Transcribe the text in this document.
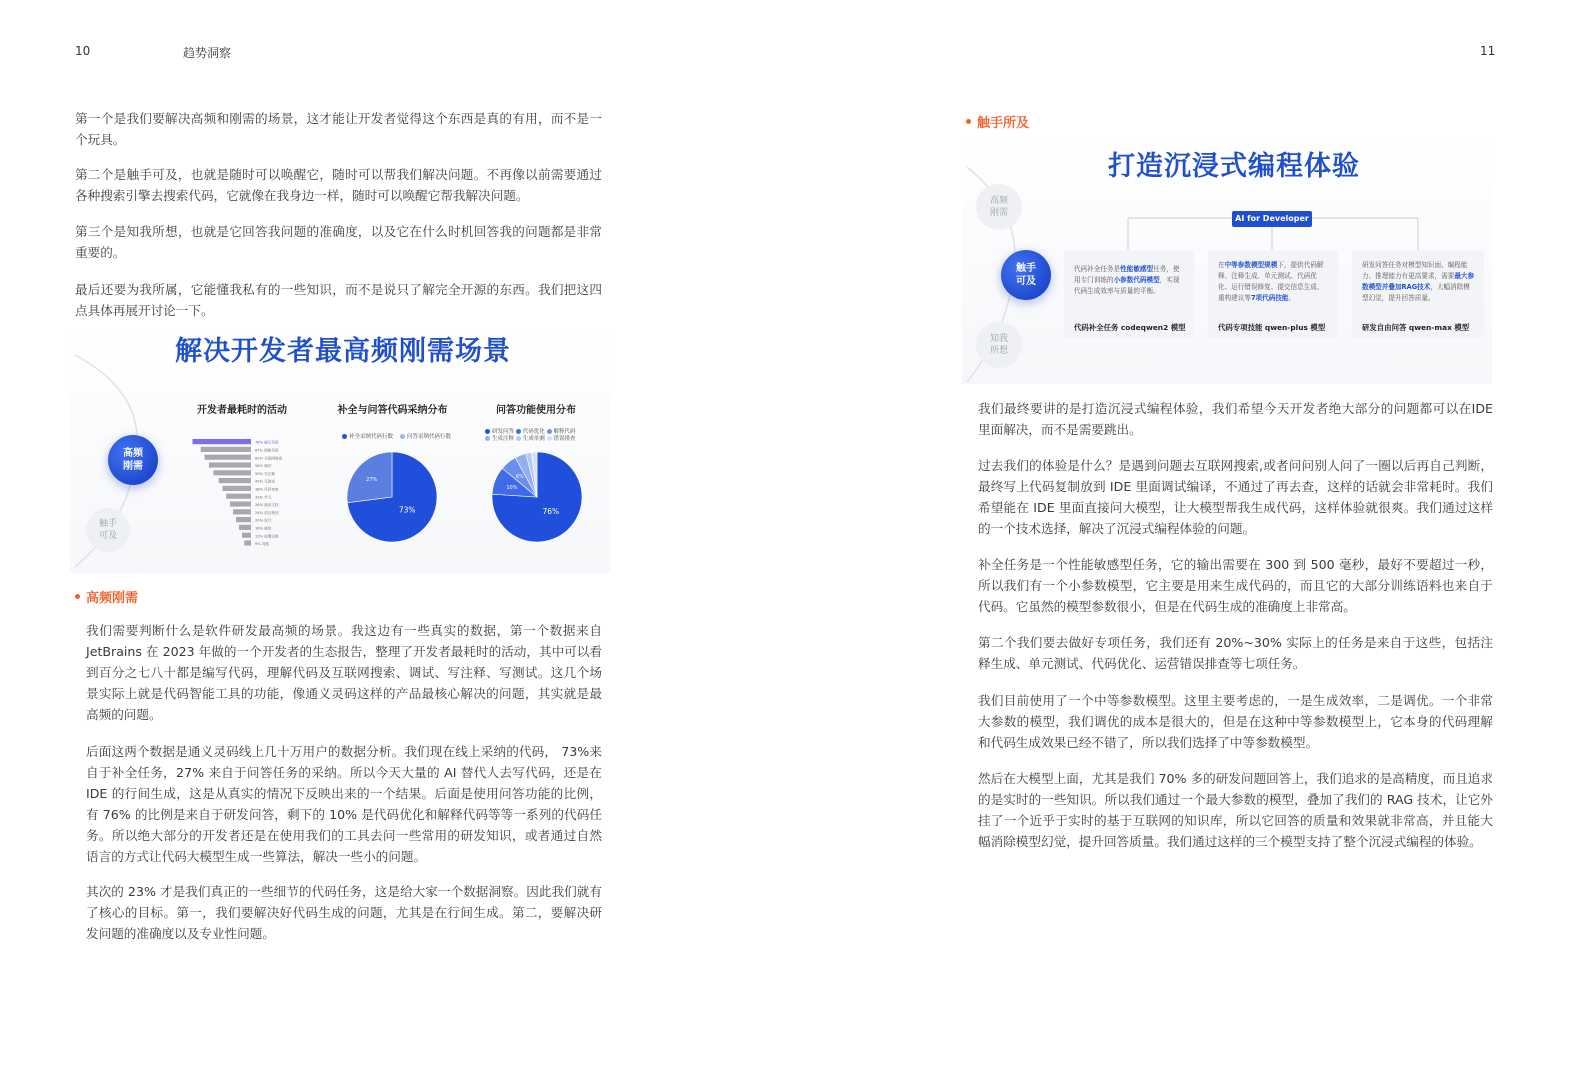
10	趋势洞察	11

第一个是我们要解决高频和刚需的场景，这才能让开发者觉得这个东西是真的有用，而不是一个玩具。

第二个是触手可及，也就是随时可以唤醒它，随时可以帮我们解决问题。不再像以前需要通过各种搜索引擎去搜索代码，它就像在我身边一样，随时可以唤醒它帮我解决问题。

第三个是知我所想，也就是它回答我问题的准确度，以及它在什么时机回答我的问题都是非常重要的。

最后还要为我所属，它能懂我私有的一些知识，而不是说只了解完全开源的东西。我们把这四点具体再展开讨论一下。

解决开发者最高频刚需场景
高频
刚需
触手
可及
开发者最耗时的活动	补全与问答代码采纳分布	问答功能使用分布
78% 编写代码
67% 理解代码
62% 互联网搜索
56% 调试
50% 写注释
43% 写测试
38% 代码审查
33% 学习
28% 阅读文档
24% 项目规划
20% 设计
16% 重构
12% 部署运维
9% 其他
补全采纳代码行数	问答采纳代码行数
73%
27%
研发问答 代码优化 解释代码
生成注释 生成单测 错误排查
76%
10%
6%
高频刚需

我们需要判断什么是软件研发最高频的场景。我这边有一些真实的数据，第一个数据来自JetBrains 在 2023 年做的一个开发者的生态报告，整理了开发者最耗时的活动，其中可以看到百分之七八十都是编写代码，理解代码及互联网搜索、调试、写注释、写测试。这几个场景实际上就是代码智能工具的功能，像通义灵码这样的产品最核心解决的问题，其实就是最高频的问题。

后面这两个数据是通义灵码线上几十万用户的数据分析。我们现在线上采纳的代码， 73%来自于补全任务，27% 来自于问答任务的采纳。所以今天大量的 AI 替代人去写代码，还是在 IDE 的行间生成，这是从真实的情况下反映出来的一个结果。后面是使用问答功能的比例，有 76% 的比例是来自于研发问答，剩下的 10% 是代码优化和解释代码等等一系列的代码任务。所以绝大部分的开发者还是在使用我们的工具去问一些常用的研发知识，或者通过自然语言的方式让代码大模型生成一些算法，解决一些小的问题。

其次的 23% 才是我们真正的一些细节的代码任务，这是给大家一个数据洞察。因此我们就有了核心的目标。第一，我们要解决好代码生成的问题，尤其是在行间生成。第二，要解决研发问题的准确度以及专业性问题。

触手所及
打造沉浸式编程体验
高频
刚需
触手
可及
知我
所想
AI for Developer
代码补全任务是性能敏感型任务，使用专门训练的小参数代码模型，实现代码生成效率与质量的平衡。
代码补全任务 codeqwen2 模型
在中等参数模型规模下，提供代码解释、注释生成、单元测试、代码优化、运行错误修复、提交信息生成、重构建议等7项代码技能。
代码专项技能 qwen-plus 模型
研发问答任务对模型知识面、编程能力、推理能力有更高要求，需要最大参数模型并叠加RAG技术，大幅消除模型幻觉，提升回答质量。
研发自由问答 qwen-max 模型

我们最终要讲的是打造沉浸式编程体验，我们希望今天开发者绝大部分的问题都可以在IDE 里面解决，而不是需要跳出。

过去我们的体验是什么？是遇到问题去互联网搜索,或者问问别人问了一圈以后再自己判断，最终写上代码复制放到 IDE 里面调试编译，不通过了再去查，这样的话就会非常耗时。我们希望能在 IDE 里面直接问大模型，让大模型帮我生成代码，这样体验就很爽。我们通过这样的一个技术选择，解决了沉浸式编程体验的问题。

补全任务是一个性能敏感型任务，它的输出需要在 300 到 500 毫秒，最好不要超过一秒，所以我们有一个小参数模型，它主要是用来生成代码的，而且它的大部分训练语料也来自于代码。它虽然的模型参数很小，但是在代码生成的准确度上非常高。

第二个我们要去做好专项任务，我们还有 20%~30% 实际上的任务是来自于这些，包括注释生成、单元测试、代码优化、运营错误排查等七项任务。

我们目前使用了一个中等参数模型。这里主要考虑的，一是生成效率，二是调优。一个非常大参数的模型，我们调优的成本是很大的，但是在这种中等参数模型上，它本身的代码理解和代码生成效果已经不错了，所以我们选择了中等参数模型。

然后在大模型上面，尤其是我们 70% 多的研发问题回答上，我们追求的是高精度，而且追求的是实时的一些知识。所以我们通过一个最大参数的模型，叠加了我们的 RAG 技术，让它外挂了一个近乎于实时的基于互联网的知识库，所以它回答的质量和效果就非常高，并且能大幅消除模型幻觉，提升回答质量。我们通过这样的三个模型支持了整个沉浸式编程的体验。
